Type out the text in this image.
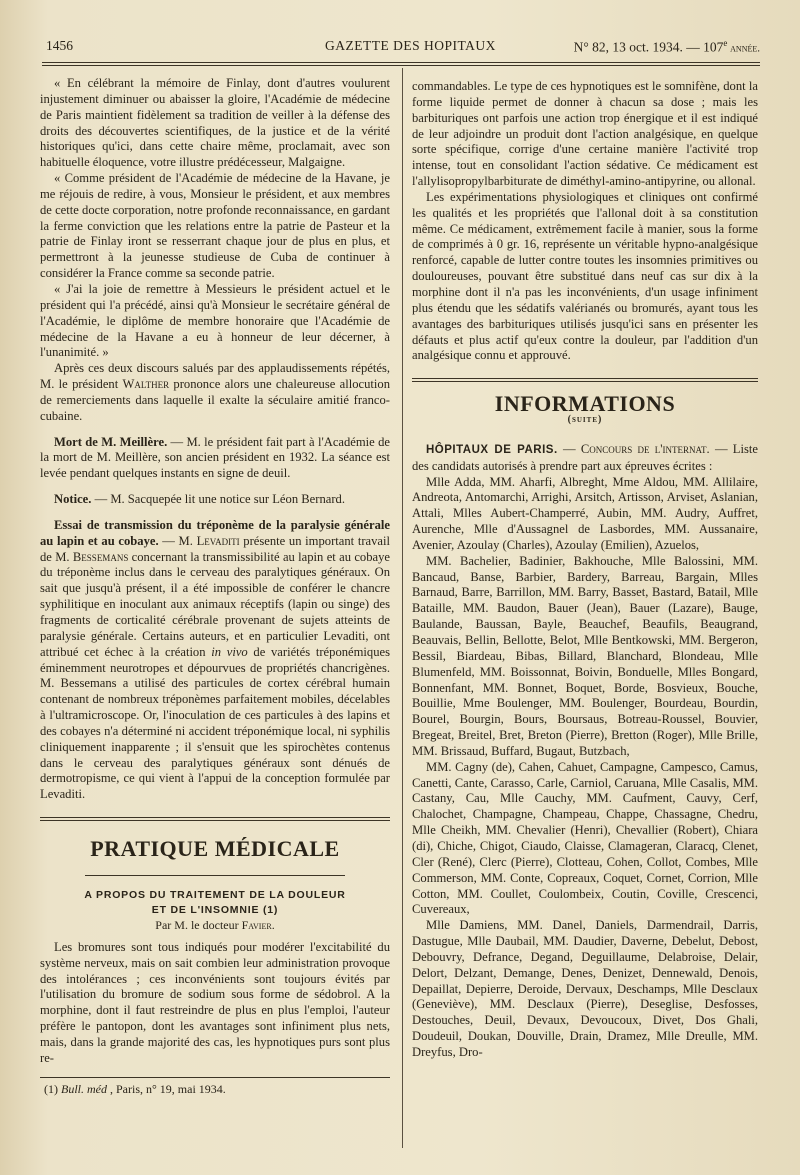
1456	GAZETTE DES HOPITAUX	N° 82, 13 oct. 1934. — 107e année.

« En célébrant la mémoire de Finlay, dont d'autres voulurent injustement diminuer ou abaisser la gloire, l'Académie de médecine de Paris maintient fidèlement sa tradition de veiller à la défense des droits des découvertes scientifiques, de la justice et de la vérité historiques qu'ici, dans cette chaire même, proclamait, avec son habituelle éloquence, votre illustre prédécesseur, Malgaigne.

« Comme président de l'Académie de médecine de la Havane, je me réjouis de redire, à vous, Monsieur le président, et aux membres de cette docte corporation, notre profonde reconnaissance, en gardant la ferme conviction que les relations entre la patrie de Pasteur et la patrie de Finlay iront se resserrant chaque jour de plus en plus, et permettront à la jeunesse studieuse de Cuba de continuer à considérer la France comme sa seconde patrie.

« J'ai la joie de remettre à Messieurs le président actuel et le président qui l'a précédé, ainsi qu'à Monsieur le secrétaire général de l'Académie, le diplôme de membre honoraire que l'Académie de médecine de la Havane a eu à honneur de leur décerner, à l'unanimité. »

Après ces deux discours salués par des applaudissements répétés, M. le président Walther prononce alors une chaleureuse allocution de remerciements dans laquelle il exalte la séculaire amitié franco-cubaine.

Mort de M. Meillère. — M. le président fait part à l'Académie de la mort de M. Meillère, son ancien président en 1932. La séance est levée pendant quelques instants en signe de deuil.

Notice. — M. Sacquepée lit une notice sur Léon Bernard.

Essai de transmission du tréponème de la paralysie générale au lapin et au cobaye. — M. Levaditi présente un important travail de M. Bessemans concernant la transmissibilité au lapin et au cobaye du tréponème inclus dans le cerveau des paralytiques généraux. On sait que jusqu'à présent, il a été impossible de conférer le chancre syphilitique en inoculant aux animaux réceptifs (lapin ou singe) des fragments de corticalité cérébrale provenant de sujets atteints de paralysie générale. Certains auteurs, et en particulier Levaditi, ont attribué cet échec à la création in vivo de variétés tréponémiques éminemment neurotropes et dépourvues de propriétés chancrigènes. M. Bessemans a utilisé des particules de cortex cérébral humain contenant de nombreux tréponèmes parfaitement mobiles, décelables à l'ultramicroscope. Or, l'inoculation de ces particules à des lapins et des cobayes n'a déterminé ni accident tréponémique local, ni syphilis cliniquement inapparente ; il s'ensuit que les spirochètes contenus dans le cerveau des paralytiques généraux sont dénués de dermotropisme, ce qui vient à l'appui de la conception formulée par Levaditi.

PRATIQUE MÉDICALE
A PROPOS DU TRAITEMENT DE LA DOULEUR
ET DE L'INSOMNIE (1)
Par M. le docteur Favier.

Les bromures sont tous indiqués pour modérer l'excitabilité du système nerveux, mais on sait combien leur administration provoque des intolérances ; ces inconvénients sont toujours évités par l'utilisation du bromure de sodium sous forme de sédobrol. A la morphine, dont il faut restreindre de plus en plus l'emploi, l'auteur préfère le pantopon, dont les avantages sont infiniment plus nets, mais, dans la grande majorité des cas, les hypnotiques purs sont plus re-

(1) Bull. méd , Paris, n° 19, mai 1934.

commandables. Le type de ces hypnotiques est le somnifène, dont la forme liquide permet de donner à chacun sa dose ; mais les barbituriques ont parfois une action trop énergique et il est indiqué de leur adjoindre un produit dont l'action analgésique, en quelque sorte spécifique, corrige d'une certaine manière l'activité trop intense, tout en consolidant l'action sédative. Ce médicament est l'allylisopropylbarbiturate de diméthyl-amino-antipyrine, ou allonal.

Les expérimentations physiologiques et cliniques ont confirmé les qualités et les propriétés que l'allonal doit à sa constitution même. Ce médicament, extrêmement facile à manier, sous la forme de comprimés à 0 gr. 16, représente un véritable hypno-analgésique renforcé, capable de lutter contre toutes les insomnies primitives ou douloureuses, pouvant être substitué dans neuf cas sur dix à la morphine dont il n'a pas les inconvénients, d'un usage infiniment plus étendu que les sédatifs valérianés ou bromurés, ayant tous les avantages des barbituriques utilisés jusqu'ici sans en présenter les défauts et plus actif qu'eux contre la douleur, par l'addition d'un analgésique connu et approuvé.

INFORMATIONS
(suite)

HÔPITAUX DE PARIS. — Concours de l'internat. — Liste des candidats autorisés à prendre part aux épreuves écrites :

Mlle Adda, MM. Aharfi, Albreght, Mme Aldou, MM. Allilaire, Andreota, Antomarchi, Arrighi, Arsitch, Artisson, Arviset, Aslanian, Attali, Mlles Aubert-Champerré, Aubin, MM. Audry, Auffret, Aurenche, Mlle d'Aussagnel de Lasbordes, MM. Aussanaire, Avenier, Azoulay (Charles), Azoulay (Emilien), Azuelos,

MM. Bachelier, Badinier, Bakhouche, Mlle Balossini, MM. Bancaud, Banse, Barbier, Bardery, Barreau, Bargain, Mlles Barnaud, Barre, Barrillon, MM. Barry, Basset, Bastard, Batail, Mlle Bataille, MM. Baudon, Bauer (Jean), Bauer (Lazare), Bauge, Baulande, Baussan, Bayle, Beauchef, Beaufils, Beaugrand, Beauvais, Bellin, Bellotte, Belot, Mlle Bentkowski, MM. Bergeron, Bessil, Biardeau, Bibas, Billard, Blanchard, Blondeau, Mlle Blumenfeld, MM. Boissonnat, Boivin, Bonduelle, Mlles Bongard, Bonnenfant, MM. Bonnet, Boquet, Borde, Bosvieux, Bouche, Bouillie, Mme Boulenger, MM. Boulenger, Bourdeau, Bourdin, Bourel, Bourgin, Bours, Boursaus, Botreau-Roussel, Bouvier, Bregeat, Breitel, Bret, Breton (Pierre), Bretton (Roger), Mlle Brille, MM. Brissaud, Buffard, Bugaut, Butzbach,

MM. Cagny (de), Cahen, Cahuet, Campagne, Campesco, Camus, Canetti, Cante, Carasso, Carle, Carniol, Caruana, Mlle Casalis, MM. Castany, Cau, Mlle Cauchy, MM. Caufment, Cauvy, Cerf, Chalochet, Champagne, Champeau, Chappe, Chassagne, Chedru, Mlle Cheikh, MM. Chevalier (Henri), Chevallier (Robert), Chiara (di), Chiche, Chigot, Ciaudo, Claisse, Clamageran, Claracq, Clenet, Cler (René), Clerc (Pierre), Clotteau, Cohen, Collot, Combes, Mlle Commerson, MM. Conte, Copreaux, Coquet, Cornet, Corrion, Mlle Cotton, MM. Coullet, Coulombeix, Coutin, Coville, Crescenci, Cuvereaux,

Mlle Damiens, MM. Danel, Daniels, Darmendrail, Darris, Dastugue, Mlle Daubail, MM. Daudier, Daverne, Debelut, Debost, Debouvry, Defrance, Degand, Deguillaume, Delabroise, Delair, Delort, Delzant, Demange, Denes, Denizet, Dennewald, Denois, Depaillat, Depierre, Deroide, Dervaux, Deschamps, Mlle Desclaux (Geneviève), MM. Desclaux (Pierre), Deseglise, Desfosses, Destouches, Deuil, Devaux, Devoucoux, Divet, Dos Ghali, Doudeuil, Doukan, Douville, Drain, Dramez, Mlle Dreulle, MM. Dreyfus, Dro-
